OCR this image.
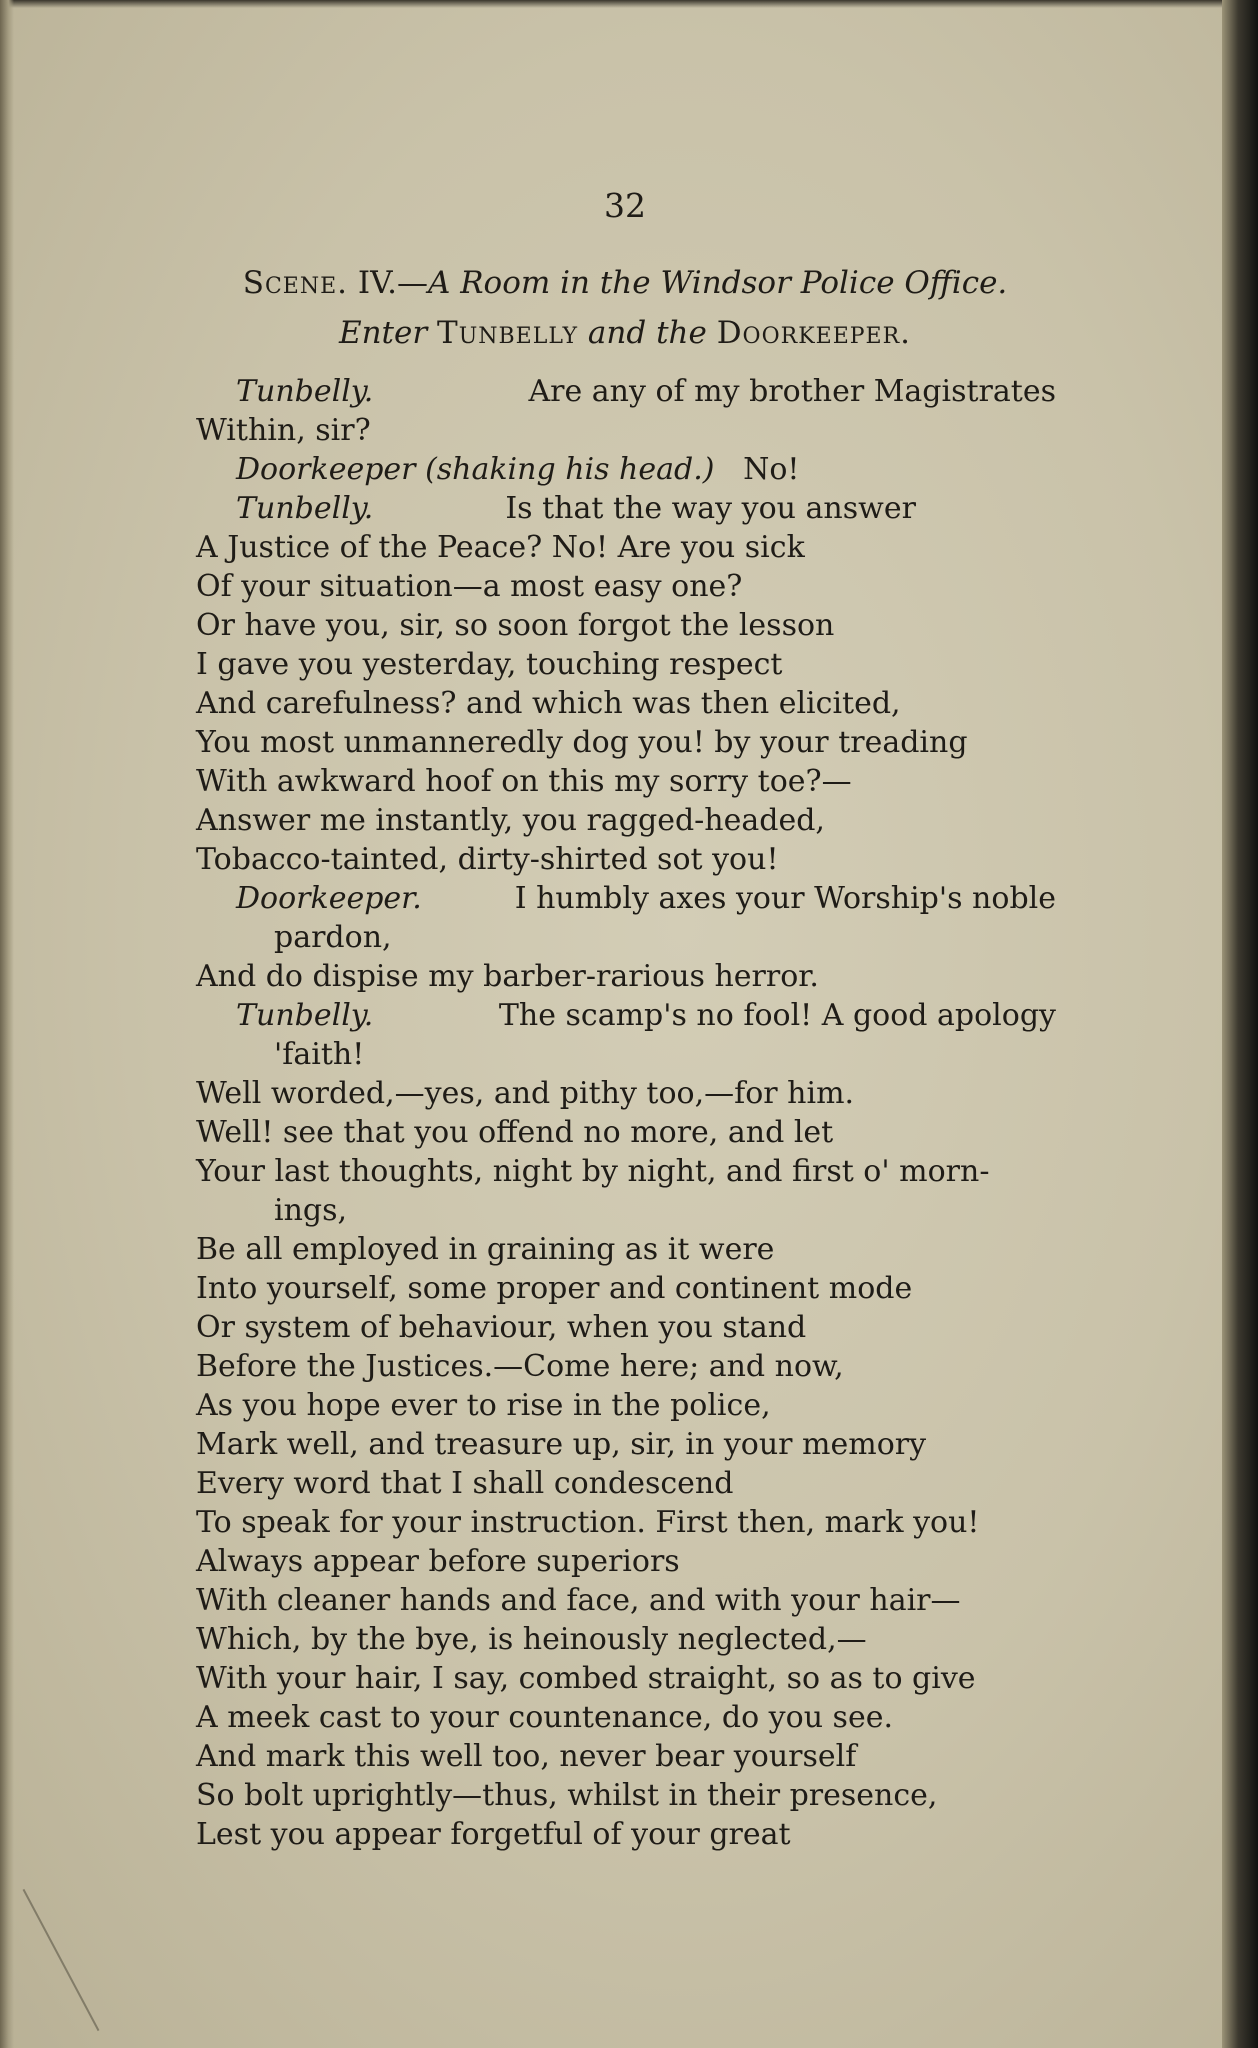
32
Scene. IV.—A Room in the Windsor Police Office.
Enter Tunbelly and the Doorkeeper.
Tunbelly.	Are any of my brother Magistrates
Within, sir?
Doorkeeper (shaking his head.) No!
Tunbelly.	Is that the way you answer
A Justice of the Peace? No! Are you sick
Of your situation—a most easy one?
Or have you, sir, so soon forgot the lesson
I gave you yesterday, touching respect
And carefulness? and which was then elicited,
You most unmanneredly dog you! by your treading
With awkward hoof on this my sorry toe?—
Answer me instantly, you ragged-headed,
Tobacco-tainted, dirty-shirted sot you!
Doorkeeper.	I humbly axes your Worship's noble
pardon,
And do dispise my barber-rarious herror.
Tunbelly.	The scamp's no fool! A good apology
'faith!
Well worded,—yes, and pithy too,—for him.
Well! see that you offend no more, and let
Your last thoughts, night by night, and first o' morn-
ings,
Be all employed in graining as it were
Into yourself, some proper and continent mode
Or system of behaviour, when you stand
Before the Justices.—Come here; and now,
As you hope ever to rise in the police,
Mark well, and treasure up, sir, in your memory
Every word that I shall condescend
To speak for your instruction. First then, mark you!
Always appear before superiors
With cleaner hands and face, and with your hair—
Which, by the bye, is heinously neglected,—
With your hair, I say, combed straight, so as to give
A meek cast to your countenance, do you see.
And mark this well too, never bear yourself
So bolt uprightly—thus, whilst in their presence,
Lest you appear forgetful of your great
